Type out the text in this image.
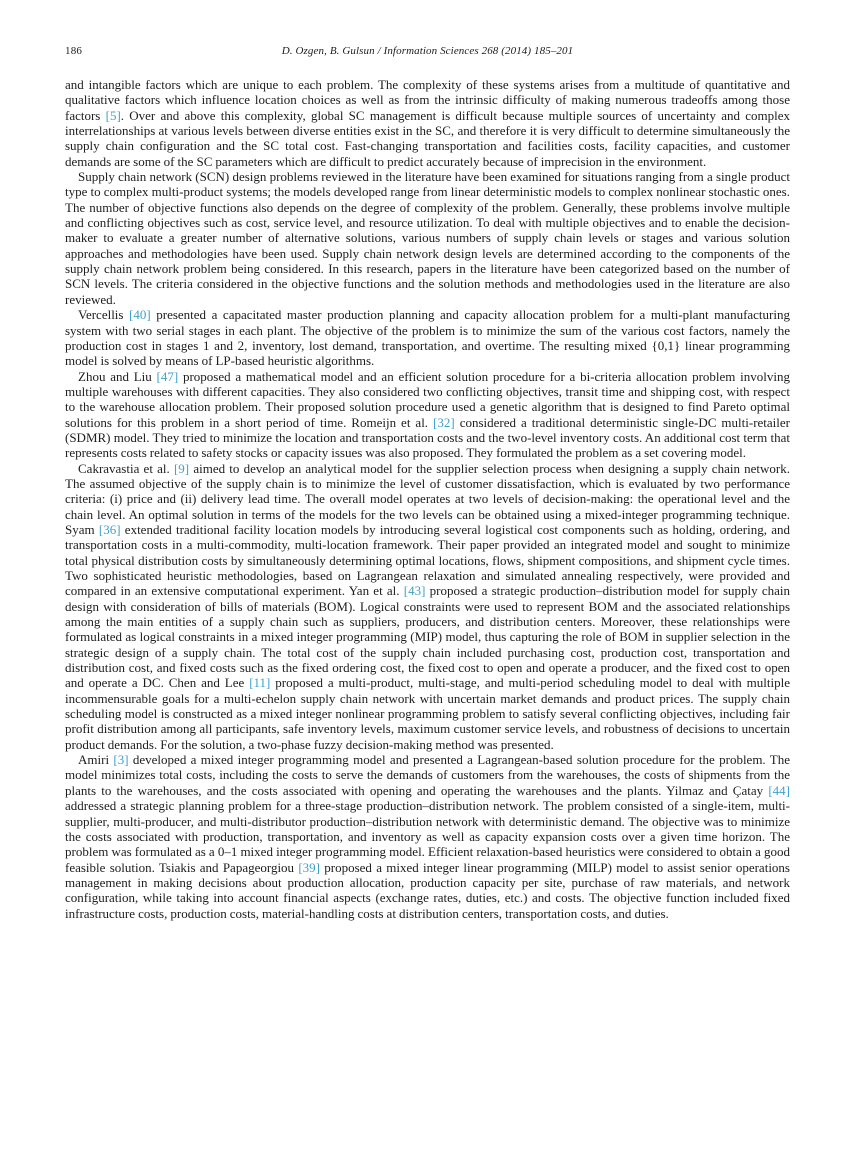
186	D. Ozgen, B. Gulsun / Information Sciences 268 (2014) 185–201

and intangible factors which are unique to each problem. The complexity of these systems arises from a multitude of quantitative and qualitative factors which influence location choices as well as from the intrinsic difficulty of making numerous tradeoffs among those factors [5]. Over and above this complexity, global SC management is difficult because multiple sources of uncertainty and complex interrelationships at various levels between diverse entities exist in the SC, and therefore it is very difficult to determine simultaneously the supply chain configuration and the SC total cost. Fast-changing transportation and facilities costs, facility capacities, and customer demands are some of the SC parameters which are difficult to predict accurately because of imprecision in the environment.

Supply chain network (SCN) design problems reviewed in the literature have been examined for situations ranging from a single product type to complex multi-product systems; the models developed range from linear deterministic models to complex nonlinear stochastic ones. The number of objective functions also depends on the degree of complexity of the problem. Generally, these problems involve multiple and conflicting objectives such as cost, service level, and resource utilization. To deal with multiple objectives and to enable the decision-maker to evaluate a greater number of alternative solutions, various numbers of supply chain levels or stages and various solution approaches and methodologies have been used. Supply chain network design levels are determined according to the components of the supply chain network problem being considered. In this research, papers in the literature have been categorized based on the number of SCN levels. The criteria considered in the objective functions and the solution methods and methodologies used in the literature are also reviewed.

Vercellis [40] presented a capacitated master production planning and capacity allocation problem for a multi-plant manufacturing system with two serial stages in each plant. The objective of the problem is to minimize the sum of the various cost factors, namely the production cost in stages 1 and 2, inventory, lost demand, transportation, and overtime. The resulting mixed {0,1} linear programming model is solved by means of LP-based heuristic algorithms.

Zhou and Liu [47] proposed a mathematical model and an efficient solution procedure for a bi-criteria allocation problem involving multiple warehouses with different capacities. They also considered two conflicting objectives, transit time and shipping cost, with respect to the warehouse allocation problem. Their proposed solution procedure used a genetic algorithm that is designed to find Pareto optimal solutions for this problem in a short period of time. Romeijn et al. [32] considered a traditional deterministic single-DC multi-retailer (SDMR) model. They tried to minimize the location and transportation costs and the two-level inventory costs. An additional cost term that represents costs related to safety stocks or capacity issues was also proposed. They formulated the problem as a set covering model.

Cakravastia et al. [9] aimed to develop an analytical model for the supplier selection process when designing a supply chain network. The assumed objective of the supply chain is to minimize the level of customer dissatisfaction, which is evaluated by two performance criteria: (i) price and (ii) delivery lead time. The overall model operates at two levels of decision-making: the operational level and the chain level. An optimal solution in terms of the models for the two levels can be obtained using a mixed-integer programming technique. Syam [36] extended traditional facility location models by introducing several logistical cost components such as holding, ordering, and transportation costs in a multi-commodity, multi-location framework. Their paper provided an integrated model and sought to minimize total physical distribution costs by simultaneously determining optimal locations, flows, shipment compositions, and shipment cycle times. Two sophisticated heuristic methodologies, based on Lagrangean relaxation and simulated annealing respectively, were provided and compared in an extensive computational experiment. Yan et al. [43] proposed a strategic production–distribution model for supply chain design with consideration of bills of materials (BOM). Logical constraints were used to represent BOM and the associated relationships among the main entities of a supply chain such as suppliers, producers, and distribution centers. Moreover, these relationships were formulated as logical constraints in a mixed integer programming (MIP) model, thus capturing the role of BOM in supplier selection in the strategic design of a supply chain. The total cost of the supply chain included purchasing cost, production cost, transportation and distribution cost, and fixed costs such as the fixed ordering cost, the fixed cost to open and operate a producer, and the fixed cost to open and operate a DC. Chen and Lee [11] proposed a multi-product, multi-stage, and multi-period scheduling model to deal with multiple incommensurable goals for a multi-echelon supply chain network with uncertain market demands and product prices. The supply chain scheduling model is constructed as a mixed integer nonlinear programming problem to satisfy several conflicting objectives, including fair profit distribution among all participants, safe inventory levels, maximum customer service levels, and robustness of decisions to uncertain product demands. For the solution, a two-phase fuzzy decision-making method was presented.

Amiri [3] developed a mixed integer programming model and presented a Lagrangean-based solution procedure for the problem. The model minimizes total costs, including the costs to serve the demands of customers from the warehouses, the costs of shipments from the plants to the warehouses, and the costs associated with opening and operating the warehouses and the plants. Yilmaz and Çatay [44] addressed a strategic planning problem for a three-stage production–distribution network. The problem consisted of a single-item, multi-supplier, multi-producer, and multi-distributor production–distribution network with deterministic demand. The objective was to minimize the costs associated with production, transportation, and inventory as well as capacity expansion costs over a given time horizon. The problem was formulated as a 0–1 mixed integer programming model. Efficient relaxation-based heuristics were considered to obtain a good feasible solution. Tsiakis and Papageorgiou [39] proposed a mixed integer linear programming (MILP) model to assist senior operations management in making decisions about production allocation, production capacity per site, purchase of raw materials, and network configuration, while taking into account financial aspects (exchange rates, duties, etc.) and costs. The objective function included fixed infrastructure costs, production costs, material-handling costs at distribution centers, transportation costs, and duties.
